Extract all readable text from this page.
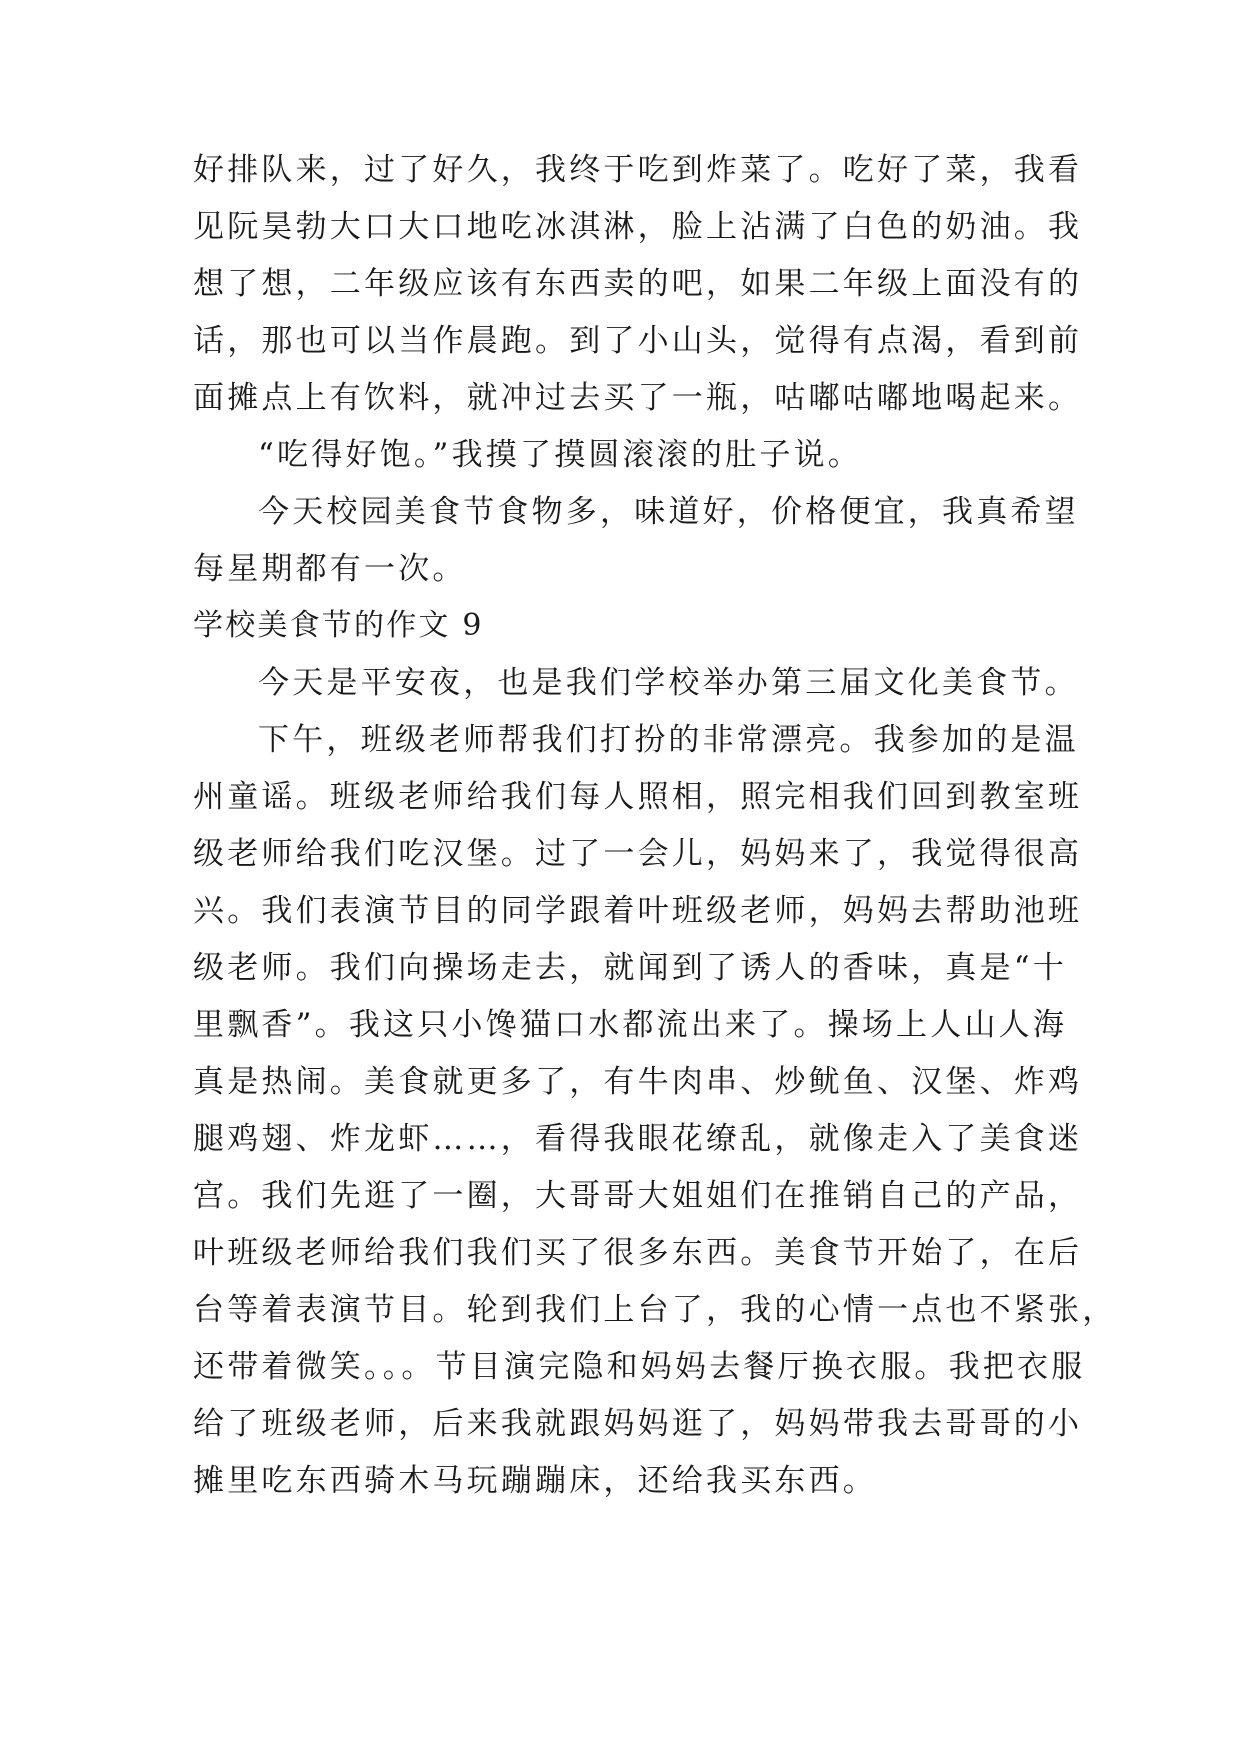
好排队来，过了好久，我终于吃到炸菜了。吃好了菜，我看
见阮昊勃大口大口地吃冰淇淋，脸上沾满了白色的奶油。我
想了想，二年级应该有东西卖的吧，如果二年级上面没有的
话，那也可以当作晨跑。到了小山头，觉得有点渴，看到前
面摊点上有饮料，就冲过去买了一瓶，咕嘟咕嘟地喝起来。
“吃得好饱。”我摸了摸圆滚滚的肚子说。
今天校园美食节食物多，味道好，价格便宜，我真希望
每星期都有一次。
学校美食节的作文 9
今天是平安夜，也是我们学校举办第三届文化美食节。
下午，班级老师帮我们打扮的非常漂亮。我参加的是温
州童谣。班级老师给我们每人照相，照完相我们回到教室班
级老师给我们吃汉堡。过了一会儿，妈妈来了，我觉得很高
兴。我们表演节目的同学跟着叶班级老师，妈妈去帮助池班
级老师。我们向操场走去，就闻到了诱人的香味，真是“十
里飘香”。我这只小馋猫口水都流出来了。操场上人山人海
真是热闹。美食就更多了，有牛肉串、炒鱿鱼、汉堡、炸鸡
腿鸡翅、炸龙虾……，看得我眼花缭乱，就像走入了美食迷
宫。我们先逛了一圈，大哥哥大姐姐们在推销自己的产品，
叶班级老师给我们我们买了很多东西。美食节开始了，在后
台等着表演节目。轮到我们上台了，我的心情一点也不紧张，
还带着微笑。。。节目演完隐和妈妈去餐厅换衣服。我把衣服
给了班级老师，后来我就跟妈妈逛了，妈妈带我去哥哥的小
摊里吃东西骑木马玩蹦蹦床，还给我买东西。
